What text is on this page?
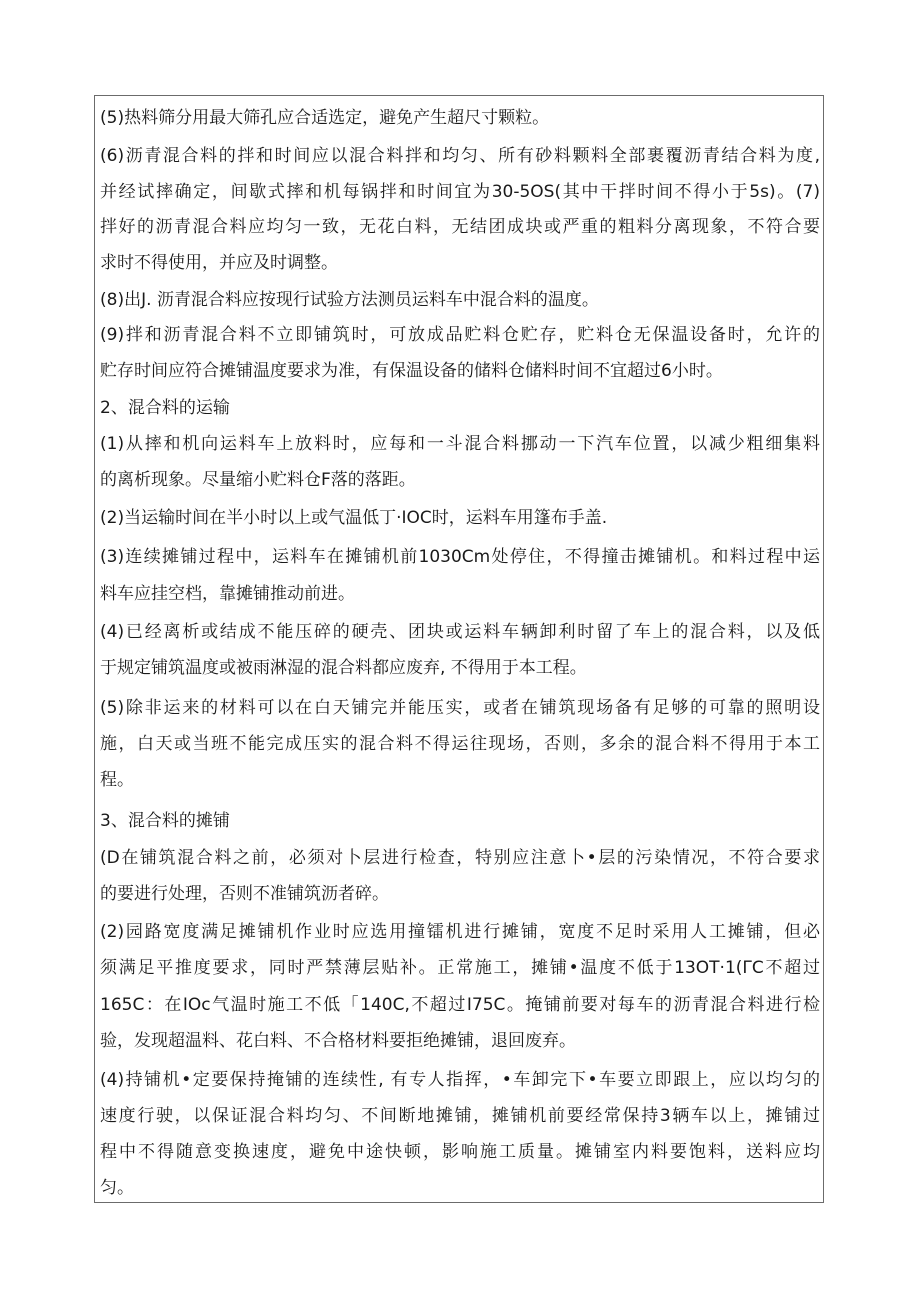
(5)热料筛分用最大筛孔应合适选定，避免产生超尺寸颗粒。
(6)沥青混合料的拌和时间应以混合料拌和均匀、所有砂料颗料全部裹覆沥青结合料为度,
并经试摔确定，间歇式摔和机每锅拌和时间宜为30-5OS(其中干拌时间不得小于5s)。(7)
拌好的沥青混合料应均匀一致，无花白料，无结团成块或严重的粗料分离现象，不符合要
求时不得使用，并应及时调整。
(8)出J. 沥青混合料应按现行试验方法测员运料车中混合料的温度。
(9)拌和沥青混合料不立即铺筑时，可放成品贮料仓贮存，贮料仓无保温设备时，允许的
贮存时间应符合摊铺温度要求为准，有保温设备的储料仓储料时间不宜超过6小时。
2、混合料的运输
(1)从摔和机向运料车上放料时，应每和一斗混合料挪动一下汽车位置，以减少粗细集料
的离析现象。尽量缩小贮料仓F落的落距。
(2)当运输时间在半小时以上或气温低丁·IOC时，运料车用篷布手盖.
(3)连续摊铺过程中，运料车在摊铺机前1030Cm处停住，不得撞击摊铺机。和料过程中运
料车应挂空档，靠摊铺推动前进。
(4)已经离析或结成不能压碎的硬壳、团块或运料车辆卸利时留了车上的混合料，以及低
于规定铺筑温度或被雨淋湿的混合料都应废弃, 不得用于本工程。
(5)除非运来的材料可以在白天铺完并能压实，或者在铺筑现场备有足够的可靠的照明设
施，白天或当班不能完成压实的混合料不得运往现场，否则，多余的混合料不得用于本工
程。
3、混合料的摊铺
(D在铺筑混合料之前，必须对卜层进行检查，特别应注意卜•层的污染情况，不符合要求
的要进行处理，否则不准铺筑沥者碎。
(2)园路宽度满足摊铺机作业时应选用撞镭机进行摊铺，宽度不足时采用人工摊铺，但必
须满足平推度要求，同时严禁薄层贴补。正常施工，摊铺•温度不低于13OT·1(ΓC不超过
165C：在IOc气温时施工不低「140C,不超过I75C。掩铺前要对每车的沥青混合料进行检
验，发现超温料、花白料、不合格材料要拒绝摊铺，退回废弃。
(4)持铺机•定要保持掩铺的连续性, 有专人指挥，•车卸完下•车要立即跟上，应以均匀的
速度行驶，以保证混合料均匀、不间断地摊铺，摊铺机前要经常保持3辆车以上，摊铺过
程中不得随意变换速度，避免中途快顿，影响施工质量。摊铺室内料要饱料，送料应均
匀。
